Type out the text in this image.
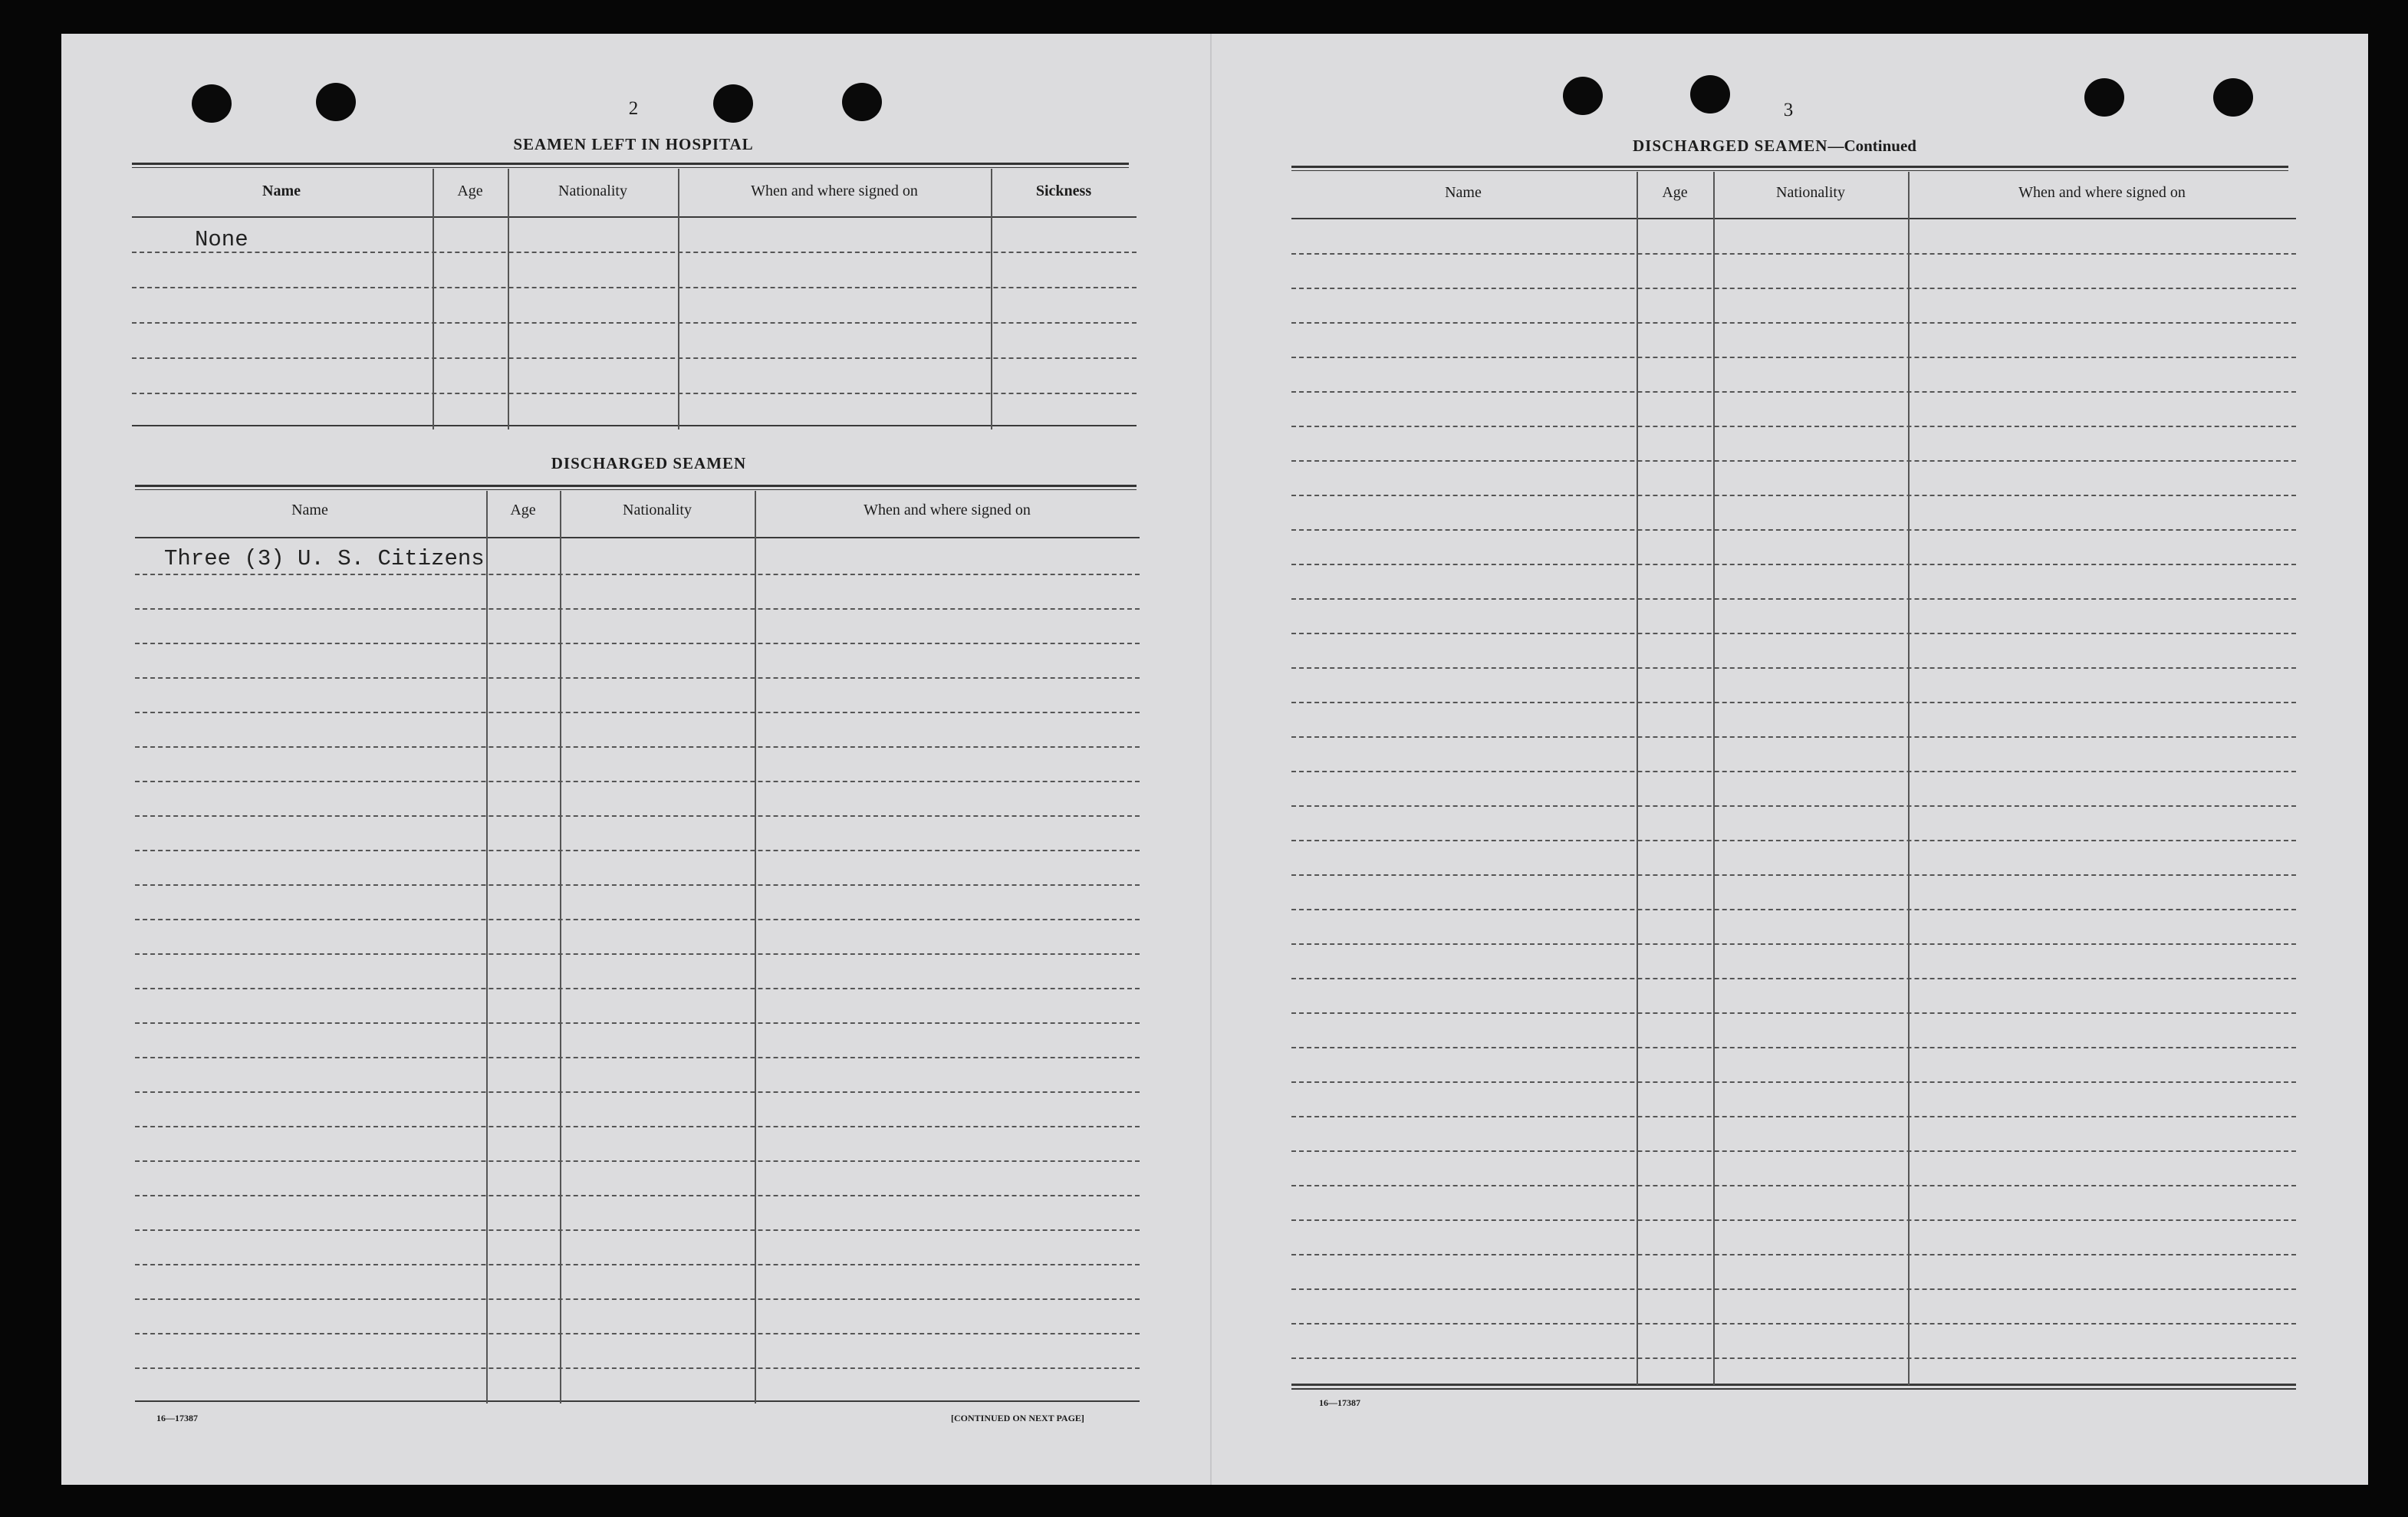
2
SEAMEN LEFT IN HOSPITAL
Name	Age	Nationality	When and where signed on	Sickness
None
DISCHARGED SEAMEN
Name	Age	Nationality	When and where signed on
Three (3) U. S. Citizens
16—17387	[CONTINUED ON NEXT PAGE]
3
DISCHARGED SEAMEN—Continued
Name	Age	Nationality	When and where signed on
16—17387
